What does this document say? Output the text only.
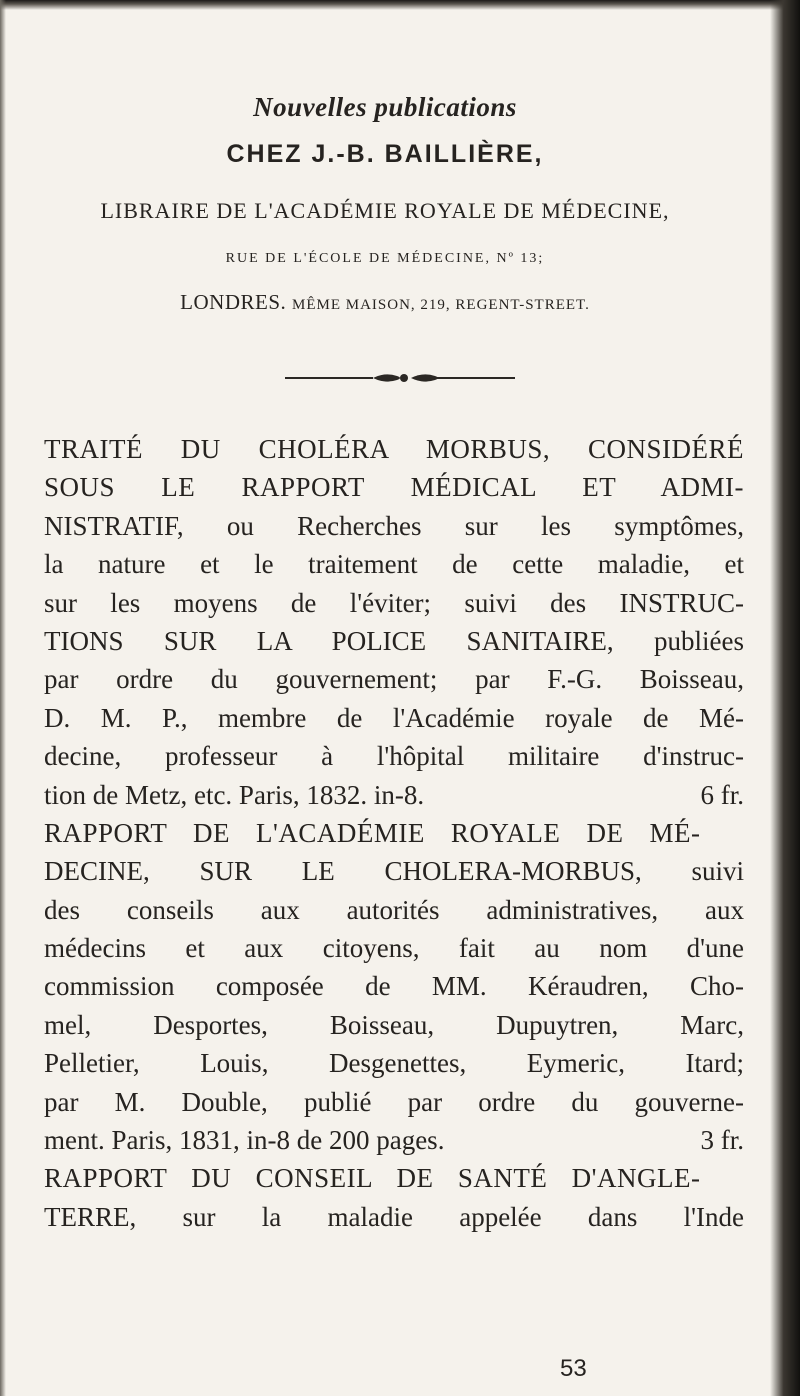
Nouvelles publications
CHEZ J.-B. BAILLIÈRE,
LIBRAIRE DE L'ACADÉMIE ROYALE DE MÉDECINE,
RUE DE L'ÉCOLE DE MÉDECINE, Nº 13;
LONDRES. MÊME MAISON, 219, REGENT-STREET.
TRAITÉ DU CHOLÉRA MORBUS, CONSIDÉRÉ
SOUS LE RAPPORT MÉDICAL ET ADMI-
NISTRATIF, ou Recherches sur les symptômes,
la nature et le traitement de cette maladie, et
sur les moyens de l'éviter; suivi des INSTRUC-
TIONS SUR LA POLICE SANITAIRE, publiées
par ordre du gouvernement; par F.-G. Boisseau,
D. M. P., membre de l'Académie royale de Mé-
decine, professeur à l'hôpital militaire d'instruc-
tion de Metz, etc. Paris, 1832. in-8.	6 fr.
RAPPORT DE L'ACADÉMIE ROYALE DE MÉ-
DECINE, SUR LE CHOLERA-MORBUS, suivi
des conseils aux autorités administratives, aux
médecins et aux citoyens, fait au nom d'une
commission composée de MM. Kéraudren, Cho-
mel, Desportes, Boisseau, Dupuytren, Marc,
Pelletier, Louis, Desgenettes, Eymeric, Itard;
par M. Double, publié par ordre du gouverne-
ment. Paris, 1831, in-8 de 200 pages.	3 fr.
RAPPORT DU CONSEIL DE SANTÉ D'ANGLE-
TERRE, sur la maladie appelée dans l'Inde
53
